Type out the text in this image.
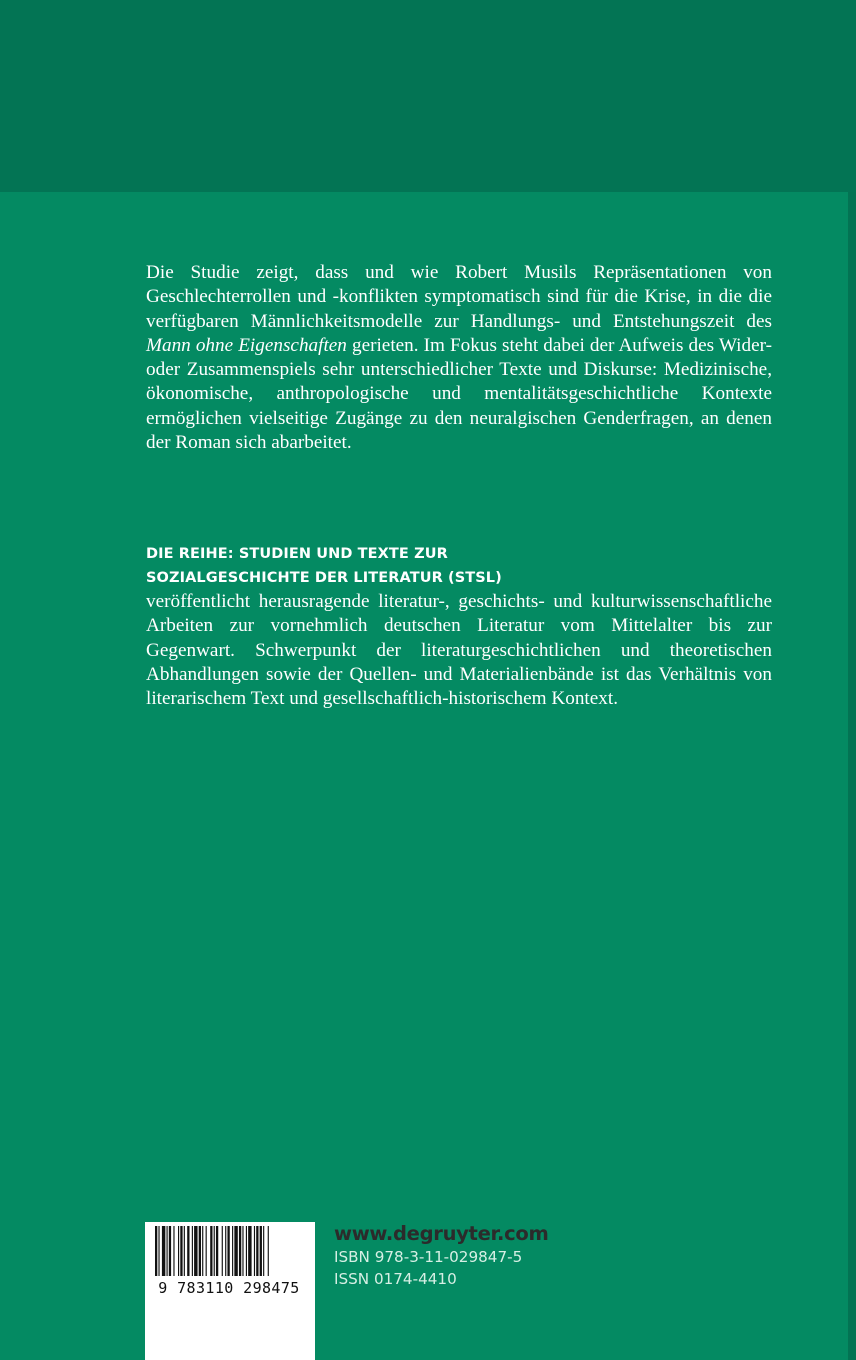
Die Studie zeigt, dass und wie Robert Musils Repräsentationen von Geschlechterrollen und -konflikten symptomatisch sind für die Krise, in die die verfügbaren Männlichkeitsmodelle zur Handlungs- und Entstehungszeit des Mann ohne Eigenschaften gerieten. Im Fokus steht dabei der Aufweis des Wider- oder Zusammenspiels sehr unterschiedlicher Texte und Diskurse: Medizinische, ökonomische, anthropologische und mentalitätsgeschichtliche Kontexte ermöglichen vielseitige Zugänge zu den neuralgischen Genderfragen, an denen der Roman sich abarbeitet.

DIE REIHE: STUDIEN UND TEXTE ZUR
SOZIALGESCHICHTE DER LITERATUR (STSL)

veröffentlicht herausragende literatur-, geschichts- und kulturwissenschaftliche Arbeiten zur vornehmlich deutschen Literatur vom Mittelalter bis zur Gegenwart. Schwerpunkt der literaturgeschichtlichen und theoretischen Abhandlungen sowie der Quellen- und Materialienbände ist das Verhältnis von literarischem Text und gesellschaftlich-historischem Kontext.

9 783110 298475
www.degruyter.com
ISBN 978-3-11-029847-5
ISSN 0174-4410
